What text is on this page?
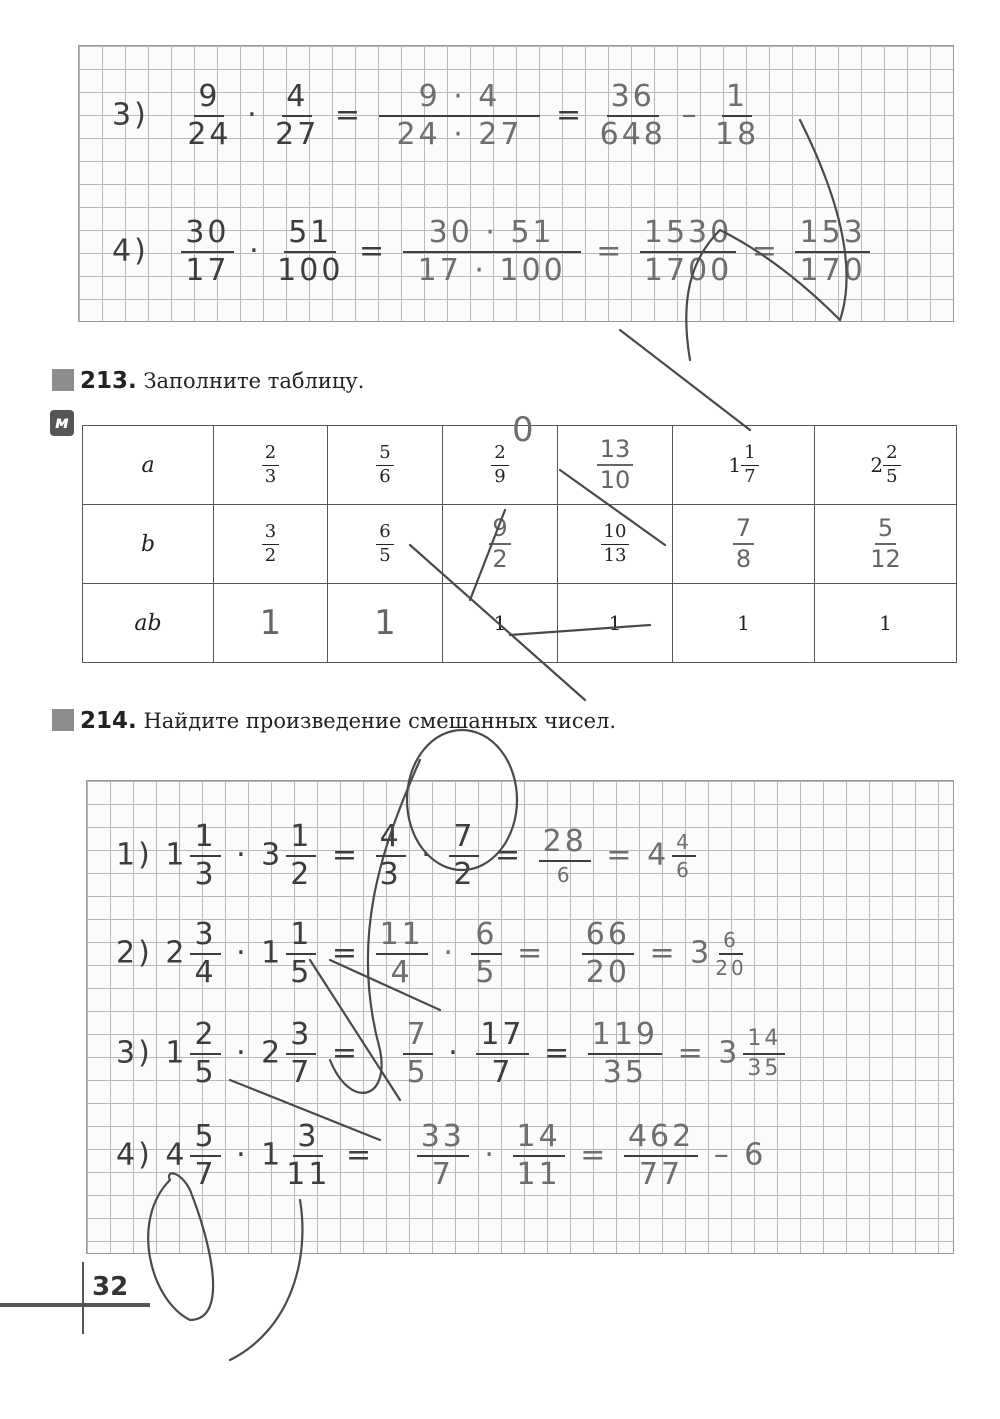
$3) \frac{9}{24} \cdot \frac{4}{27} = \frac{9 \cdot 4}{24 \cdot 27} = \frac{36}{648} - \frac{1}{18}$
$4) \frac{30}{17} \cdot \frac{51}{100} = \frac{30 \cdot 51}{17 \cdot 100} = \frac{1530}{1700} = \frac{153}{170}$
213. Заполните таблицу.
м
a	$\frac{2}{3}$	$\frac{5}{6}$	$\frac{2}{9}$	$\frac{13}{10}$	$1 \frac{1}{7}$	$2 \frac{2}{5}$

b	$\frac{3}{2}$	$\frac{6}{5}$	$\frac{9}{2}$	$\frac{10}{13}$	$\frac{7}{8}$	$\frac{5}{12}$

ab	1	1	1	1	1	1
0
214. Найдите произведение смешанных чисел.
1) $1 \frac{1}{3} \cdot 3 \frac{1}{2} = \frac{4}{3} \cdot \frac{7}{2} = \frac{28}{6} = 4 \frac{4}{6}$
2) $2 \frac{3}{4} \cdot 1 \frac{1}{5} = \frac{11}{4} \cdot \frac{6}{5} = \frac{66}{20} = 3 \frac{6}{20}$
3) $1 \frac{2}{5} \cdot 2 \frac{3}{7} = \frac{7}{5} \cdot \frac{17}{7} = \frac{119}{35} = 3 \frac{14}{35}$
4) $4 \frac{5}{7} \cdot 1 \frac{3}{11} = \frac{33}{7} \cdot \frac{14}{11} = \frac{462}{77} - 6$
32
